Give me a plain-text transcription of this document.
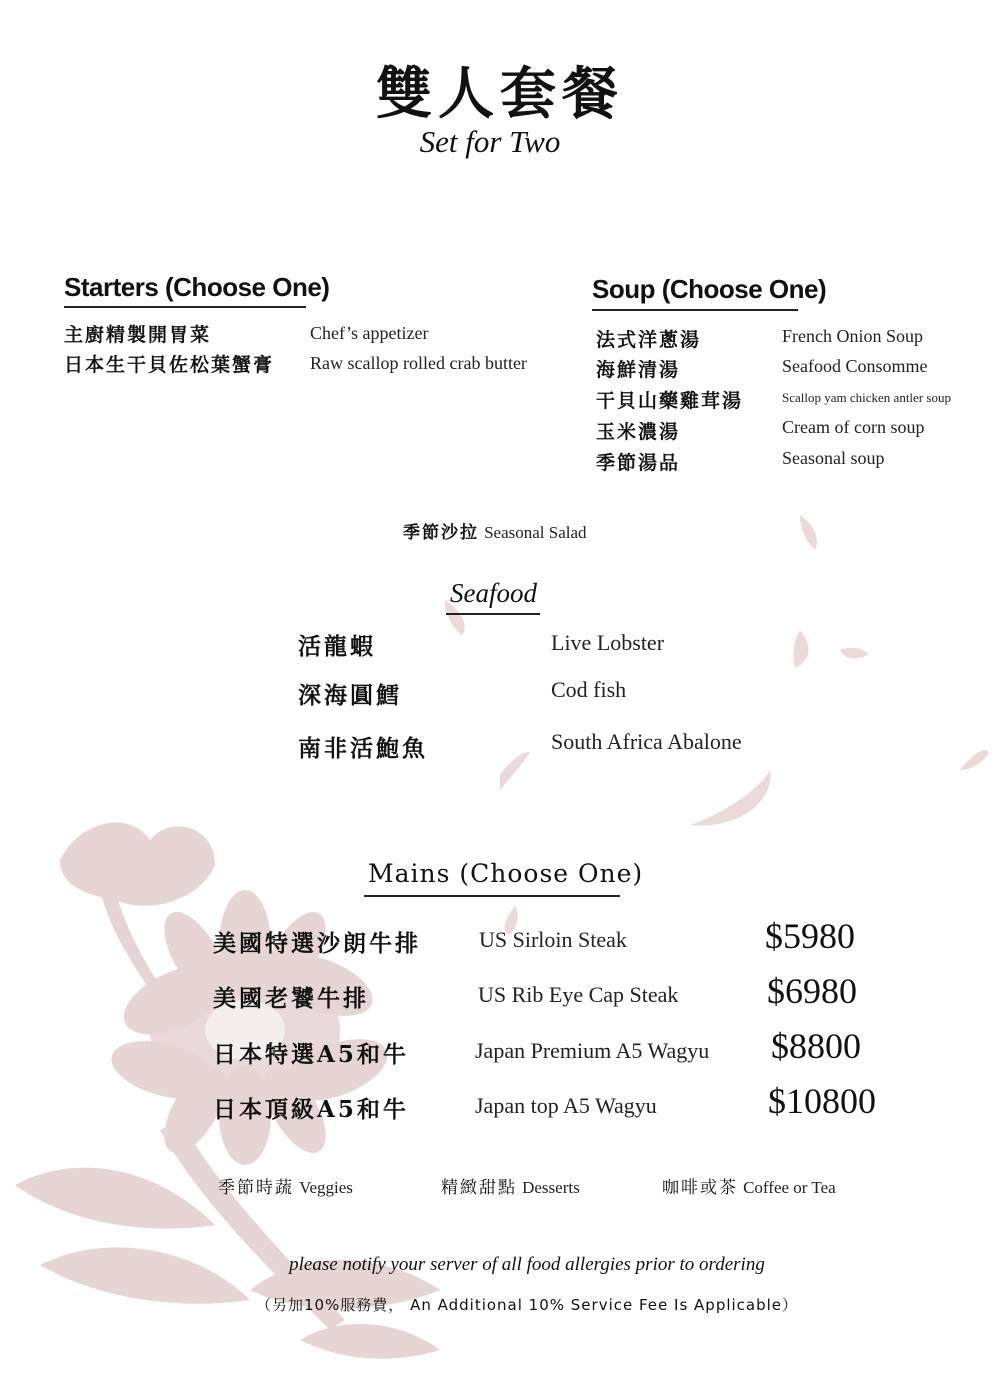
雙人套餐
Set for Two
Starters (Choose One)
主廚精製開胃菜	Chef’s appetizer
日本生干貝佐松葉蟹膏 Raw scallop rolled crab butter
Soup (Choose One)
法式洋蔥湯	French Onion Soup
海鮮清湯	Seafood Consomme
干貝山藥雞茸湯	Scallop yam chicken antler soup
玉米濃湯	Cream of corn soup
季節湯品	Seasonal soup
季節沙拉 Seasonal Salad
Seafood
活龍蝦	Live Lobster
深海圓鱈	Cod fish
南非活鮑魚	South Africa Abalone
Mains (Choose One)
美國特選沙朗牛排	US Sirloin Steak	$5980
美國老饕牛排	US Rib Eye Cap Steak $6980
日本特選A5和牛	Japan Premium A5 Wagyu $8800
日本頂級A5和牛	Japan top A5 Wagyu	$10800
季節時蔬 Veggies	精緻甜點 Desserts	咖啡或茶 Coffee or Tea
please notify your server of all food allergies prior to ordering
（另加10%服務費， An Additional 10% Service Fee Is Applicable）
